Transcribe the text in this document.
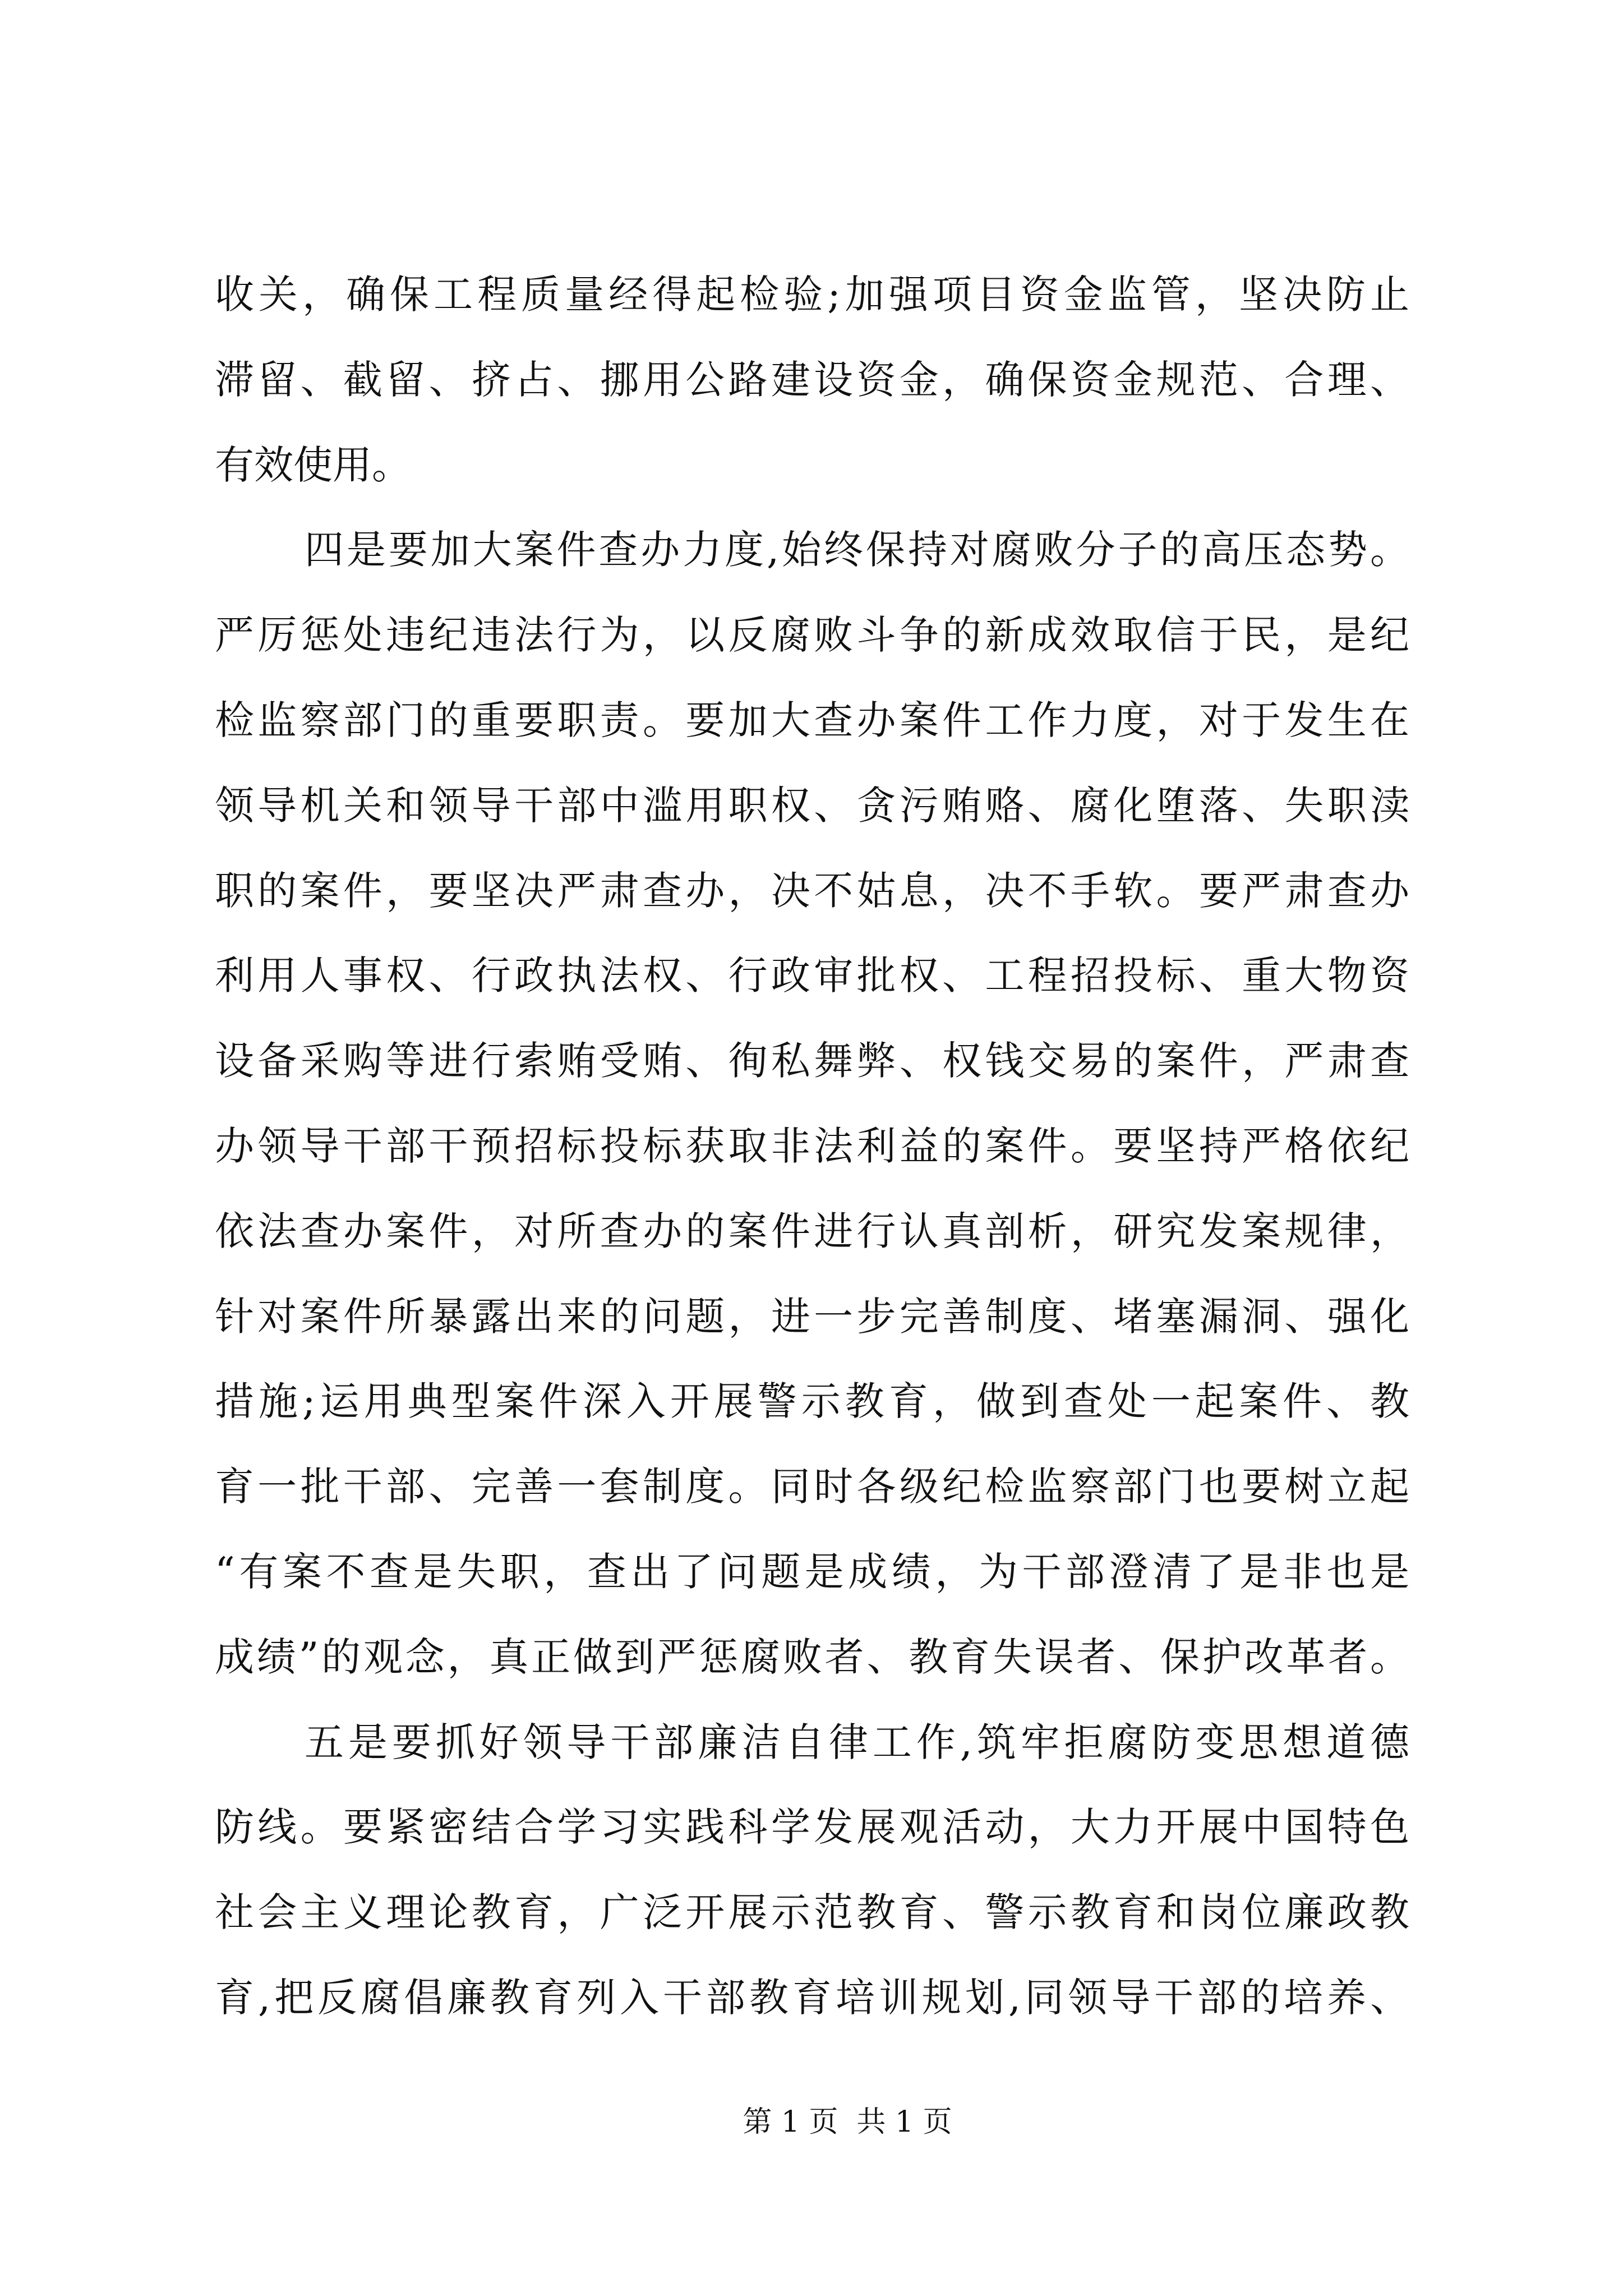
收关，确保工程质量经得起检验;加强项目资金监管，坚决防止
滞留、截留、挤占、挪用公路建设资金，确保资金规范、合理、
有效使用。
四是要加大案件查办力度,始终保持对腐败分子的高压态势。
严厉惩处违纪违法行为，以反腐败斗争的新成效取信于民，是纪
检监察部门的重要职责。要加大查办案件工作力度，对于发生在
领导机关和领导干部中滥用职权、贪污贿赂、腐化堕落、失职渎
职的案件，要坚决严肃查办，决不姑息，决不手软。要严肃查办
利用人事权、行政执法权、行政审批权、工程招投标、重大物资
设备采购等进行索贿受贿、徇私舞弊、权钱交易的案件，严肃查
办领导干部干预招标投标获取非法利益的案件。要坚持严格依纪
依法查办案件，对所查办的案件进行认真剖析，研究发案规律，
针对案件所暴露出来的问题，进一步完善制度、堵塞漏洞、强化
措施;运用典型案件深入开展警示教育，做到查处一起案件、教
育一批干部、完善一套制度。同时各级纪检监察部门也要树立起
“有案不查是失职，查出了问题是成绩，为干部澄清了是非也是
成绩”的观念，真正做到严惩腐败者、教育失误者、保护改革者。
五是要抓好领导干部廉洁自律工作,筑牢拒腐防变思想道德
防线。要紧密结合学习实践科学发展观活动，大力开展中国特色
社会主义理论教育，广泛开展示范教育、警示教育和岗位廉政教
育,把反腐倡廉教育列入干部教育培训规划,同领导干部的培养、
第 1 页  共 1 页
